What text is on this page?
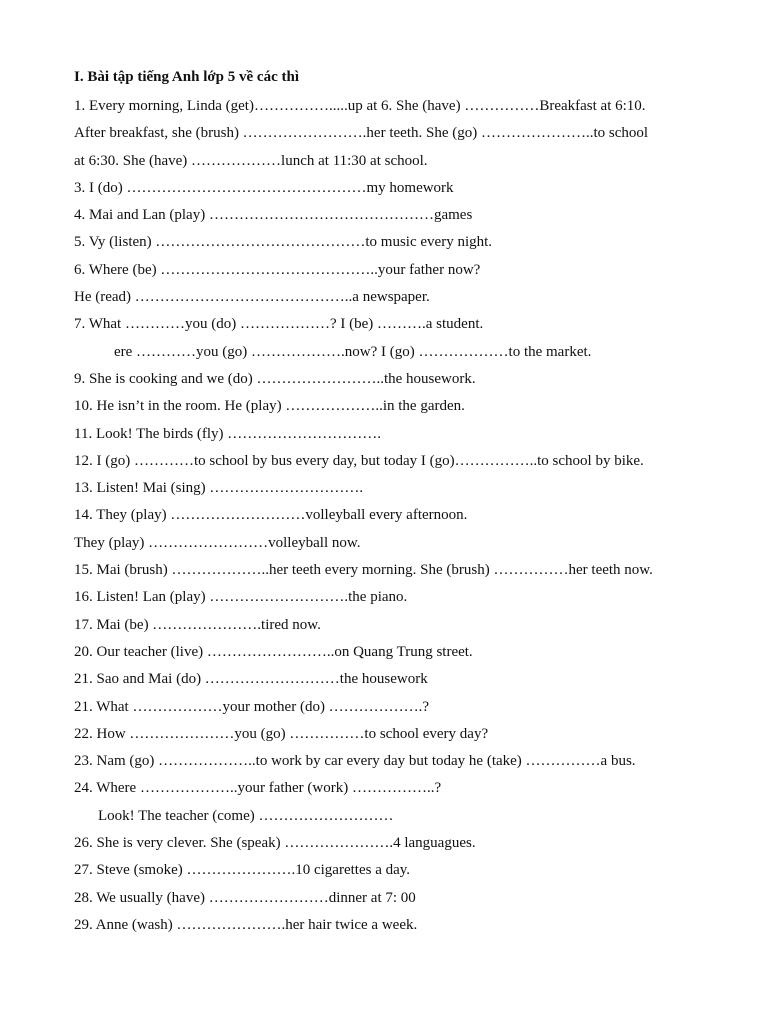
I. Bài tập tiếng Anh lớp 5 về các thì
1. Every morning, Linda (get)…………….....up at 6. She (have) ……………Breakfast at 6:10.
After breakfast, she (brush) …………………….her teeth. She (go) …………………..to school
at 6:30. She (have) ………………lunch at 11:30 at school.
3. I (do) …………………………………………my homework
4. Mai and Lan (play) ………………………………………games
5. Vy (listen) ……………………………………to music every night.
6. Where (be) ……………………………………..your father now?
He (read) ……………………………………..a newspaper.
7. What …………you (do) ………………? I (be) ……….a student.
ere …………you (go) ……………….now? I (go) ………………to the market.
9. She is cooking and we (do) ……………………..the housework.
10. He isn’t in the room. He (play) ………………..in the garden.
11. Look! The birds (fly) ………………………….
12. I (go) …………to school by bus every day, but today I (go)……………..to school by bike.
13. Listen! Mai (sing) ………………………….
14. They (play) ………………………volleyball every afternoon.
They (play) ……………………volleyball now.
15. Mai (brush) ………………..her teeth every morning. She (brush) ……………her teeth now.
16. Listen! Lan (play) ……………………….the piano.
17. Mai (be) ………………….tired now.
20. Our teacher (live) ……………………..on Quang Trung street.
21. Sao and Mai (do) ………………………the housework
21. What ………………your mother (do) ……………….?
22. How …………………you (go) ……………to school every day?
23. Nam (go) ………………..to work by car every day but today he (take) ……………a bus.
24. Where ………………..your father (work) ……………..?
Look! The teacher (come) ………………………
26. She is very clever. She (speak) ………………….4 languagues.
27. Steve (smoke) ………………….10 cigarettes a day.
28. We usually (have) ……………………dinner at 7: 00
29. Anne (wash) ………………….her hair twice a week.
